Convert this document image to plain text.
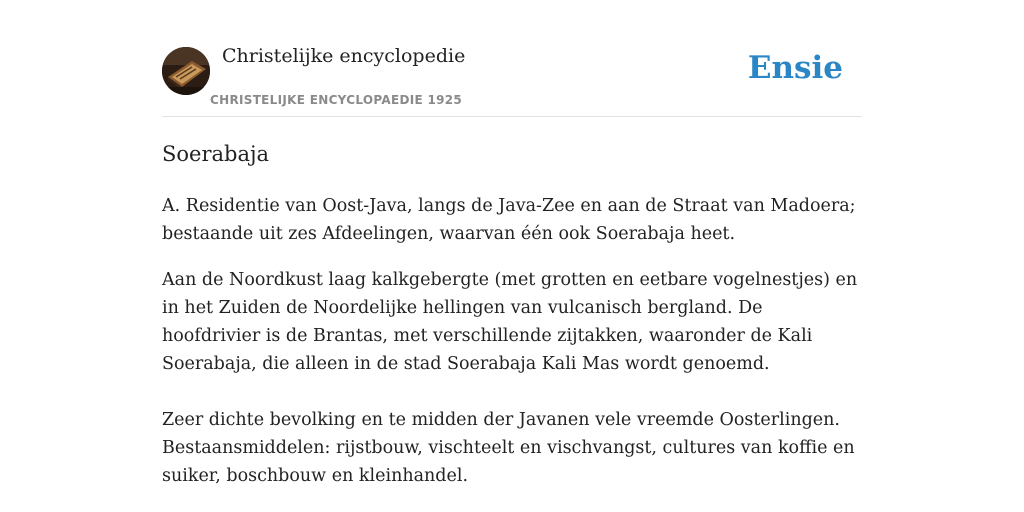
Christelijke encyclopedie
CHRISTELIJKE ENCYCLOPAEDIE 1925
Ensie
Soerabaja

A. Residentie van Oost-Java, langs de Java-Zee en aan de Straat van Madoera; bestaande uit zes Afdeelingen, waarvan één ook Soerabaja heet.

Aan de Noordkust laag kalkgebergte (met grotten en eetbare vogelnestjes) en in het Zuiden de Noordelijke hellingen van vulcanisch bergland. De hoofdrivier is de Brantas, met verschillende zijtakken, waaronder de Kali Soerabaja, die alleen in de stad Soerabaja Kali Mas wordt genoemd.

Zeer dichte bevolking en te midden der Javanen vele vreemde Oosterlingen. Bestaansmiddelen: rijstbouw, vischteelt en vischvangst, cultures van koffie en suiker, boschbouw en kleinhandel.
